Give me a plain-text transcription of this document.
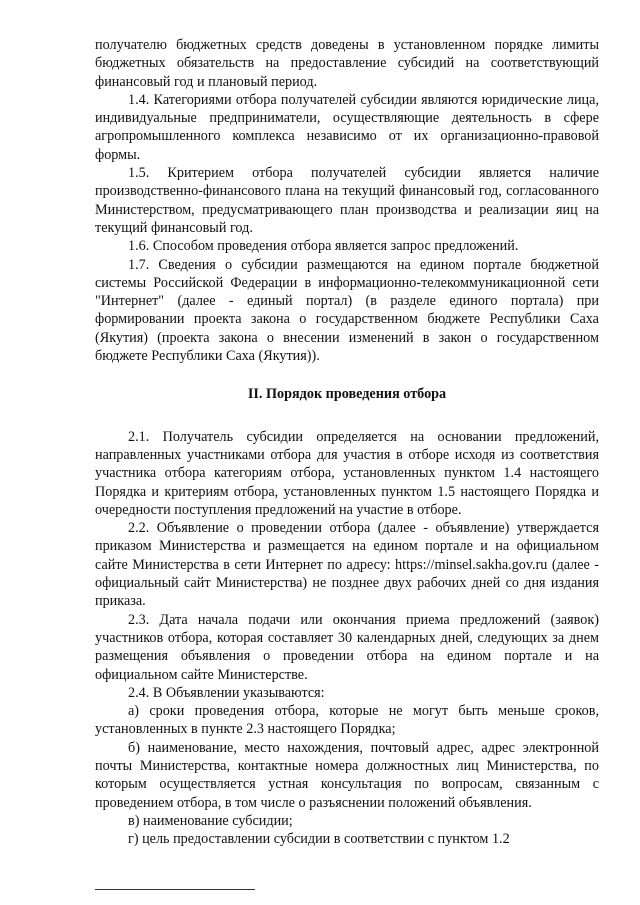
получателю бюджетных средств доведены в установленном порядке лимиты бюджетных обязательств на предоставление субсидий на соответствующий финансовый год и плановый период.

1.4. Категориями отбора получателей субсидии являются юридические лица, индивидуальные предприниматели, осуществляющие деятельность в сфере агропромышленного комплекса независимо от их организационно-правовой формы.

1.5. Критерием отбора получателей субсидии является наличие производственно-финансового плана на текущий финансовый год, согласованного Министерством, предусматривающего план производства и реализации яиц на текущий финансовый год.

1.6. Способом проведения отбора является запрос предложений.

1.7. Сведения о субсидии размещаются на едином портале бюджетной системы Российской Федерации в информационно-телекоммуникационной сети "Интернет" (далее - единый портал) (в разделе единого портала) при формировании проекта закона о государственном бюджете Республики Саха (Якутия) (проекта закона о внесении изменений в закон о государственном бюджете Республики Саха (Якутия)).

II. Порядок проведения отбора

2.1. Получатель субсидии определяется на основании предложений, направленных участниками отбора для участия в отборе исходя из соответствия участника отбора категориям отбора, установленных пунктом 1.4 настоящего Порядка и критериям отбора, установленных пунктом 1.5 настоящего Порядка и очередности поступления предложений на участие в отборе.

2.2. Объявление о проведении отбора (далее - объявление) утверждается приказом Министерства и размещается на едином портале и на официальном сайте Министерства в сети Интернет по адресу: https://minsel.sakha.gov.ru (далее - официальный сайт Министерства) не позднее двух рабочих дней со дня издания приказа.

2.3. Дата начала подачи или окончания приема предложений (заявок) участников отбора, которая составляет 30 календарных дней, следующих за днем размещения объявления о проведении отбора на едином портале и на официальном сайте Министерстве.

2.4. В Объявлении указываются:

а) сроки проведения отбора, которые не могут быть меньше сроков, установленных в пункте 2.3 настоящего Порядка;

б) наименование, место нахождения, почтовый адрес, адрес электронной почты Министерства, контактные номера должностных лиц Министерства, по которым осуществляется устная консультация по вопросам, связанным с проведением отбора, в том числе о разъяснении положений объявления.

в) наименование субсидии;

г) цель предоставлении субсидии в соответствии с пунктом 1.2
